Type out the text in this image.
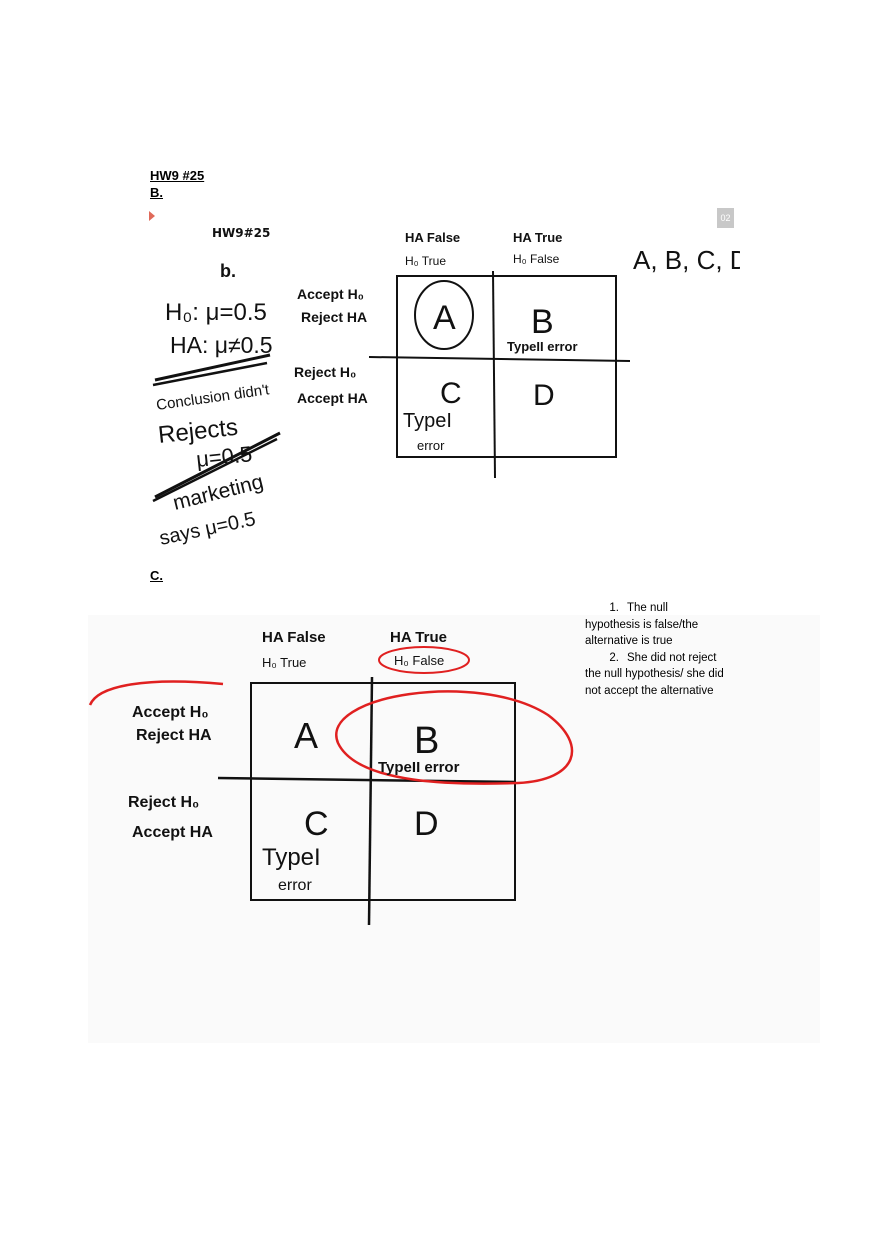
HW9 #25
B.
02
HW9#25
b.
H₀: μ=0.5
HA: μ≠0.5
Conclusion didn't
Rejects
μ=0.5
marketing
says μ=0.5
Accept H₀
Reject HA
Reject H₀
Accept HA
HA False
H₀ True
HA True
H₀ False	A, B, C, D
A B
TypeII error
C D
TypeI
error
C.
HA False
H₀ True
HA True
H₀ False
Accept H₀
Reject HA
Reject H₀
Accept HA
A	B
TypeII error
C	D
TypeI
error
1. The null hypothesis is false/the alternative is true
2. She did not reject the null hypothesis/ she did not accept the alternative
